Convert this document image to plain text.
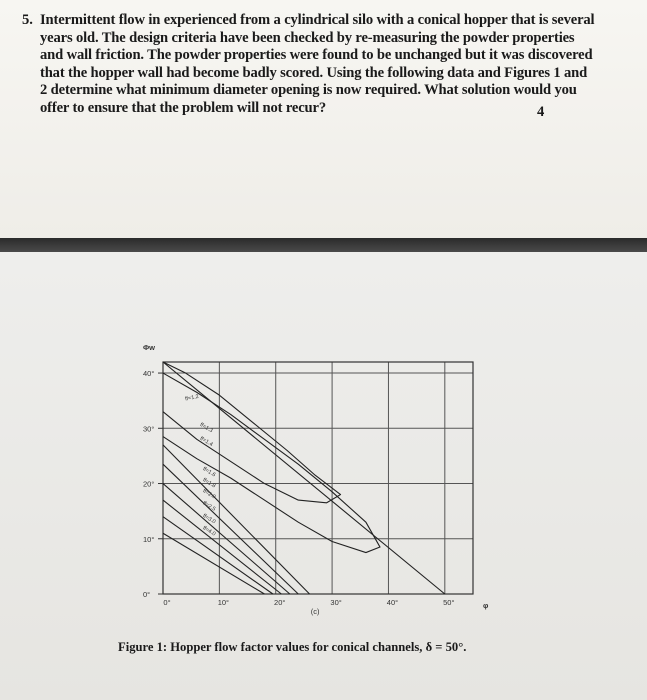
5. Intermittent flow in experienced from a cylindrical silo with a conical hopper that is several
years old. The design criteria have been checked by re-measuring the powder properties
and wall friction. The powder properties were found to be unchanged but it was discovered
that the hopper wall had become badly scored. Using the following data and Figures 1 and
2 determine what minimum diameter opening is now required. What solution would you
offer to ensure that the problem will not recur?	4
ff=1.2
ff=1.3
ff=1.4
ff=1.6
ff=1.8
ff=2.0
ff=2.5
ff=3.0
ff=4.0
0°	10°	20°	30°	40°	50°
0°
10°
20°
30°
40°
Φw
φ
(c)
Figure 1: Hopper flow factor values for conical channels, δ = 50°.
